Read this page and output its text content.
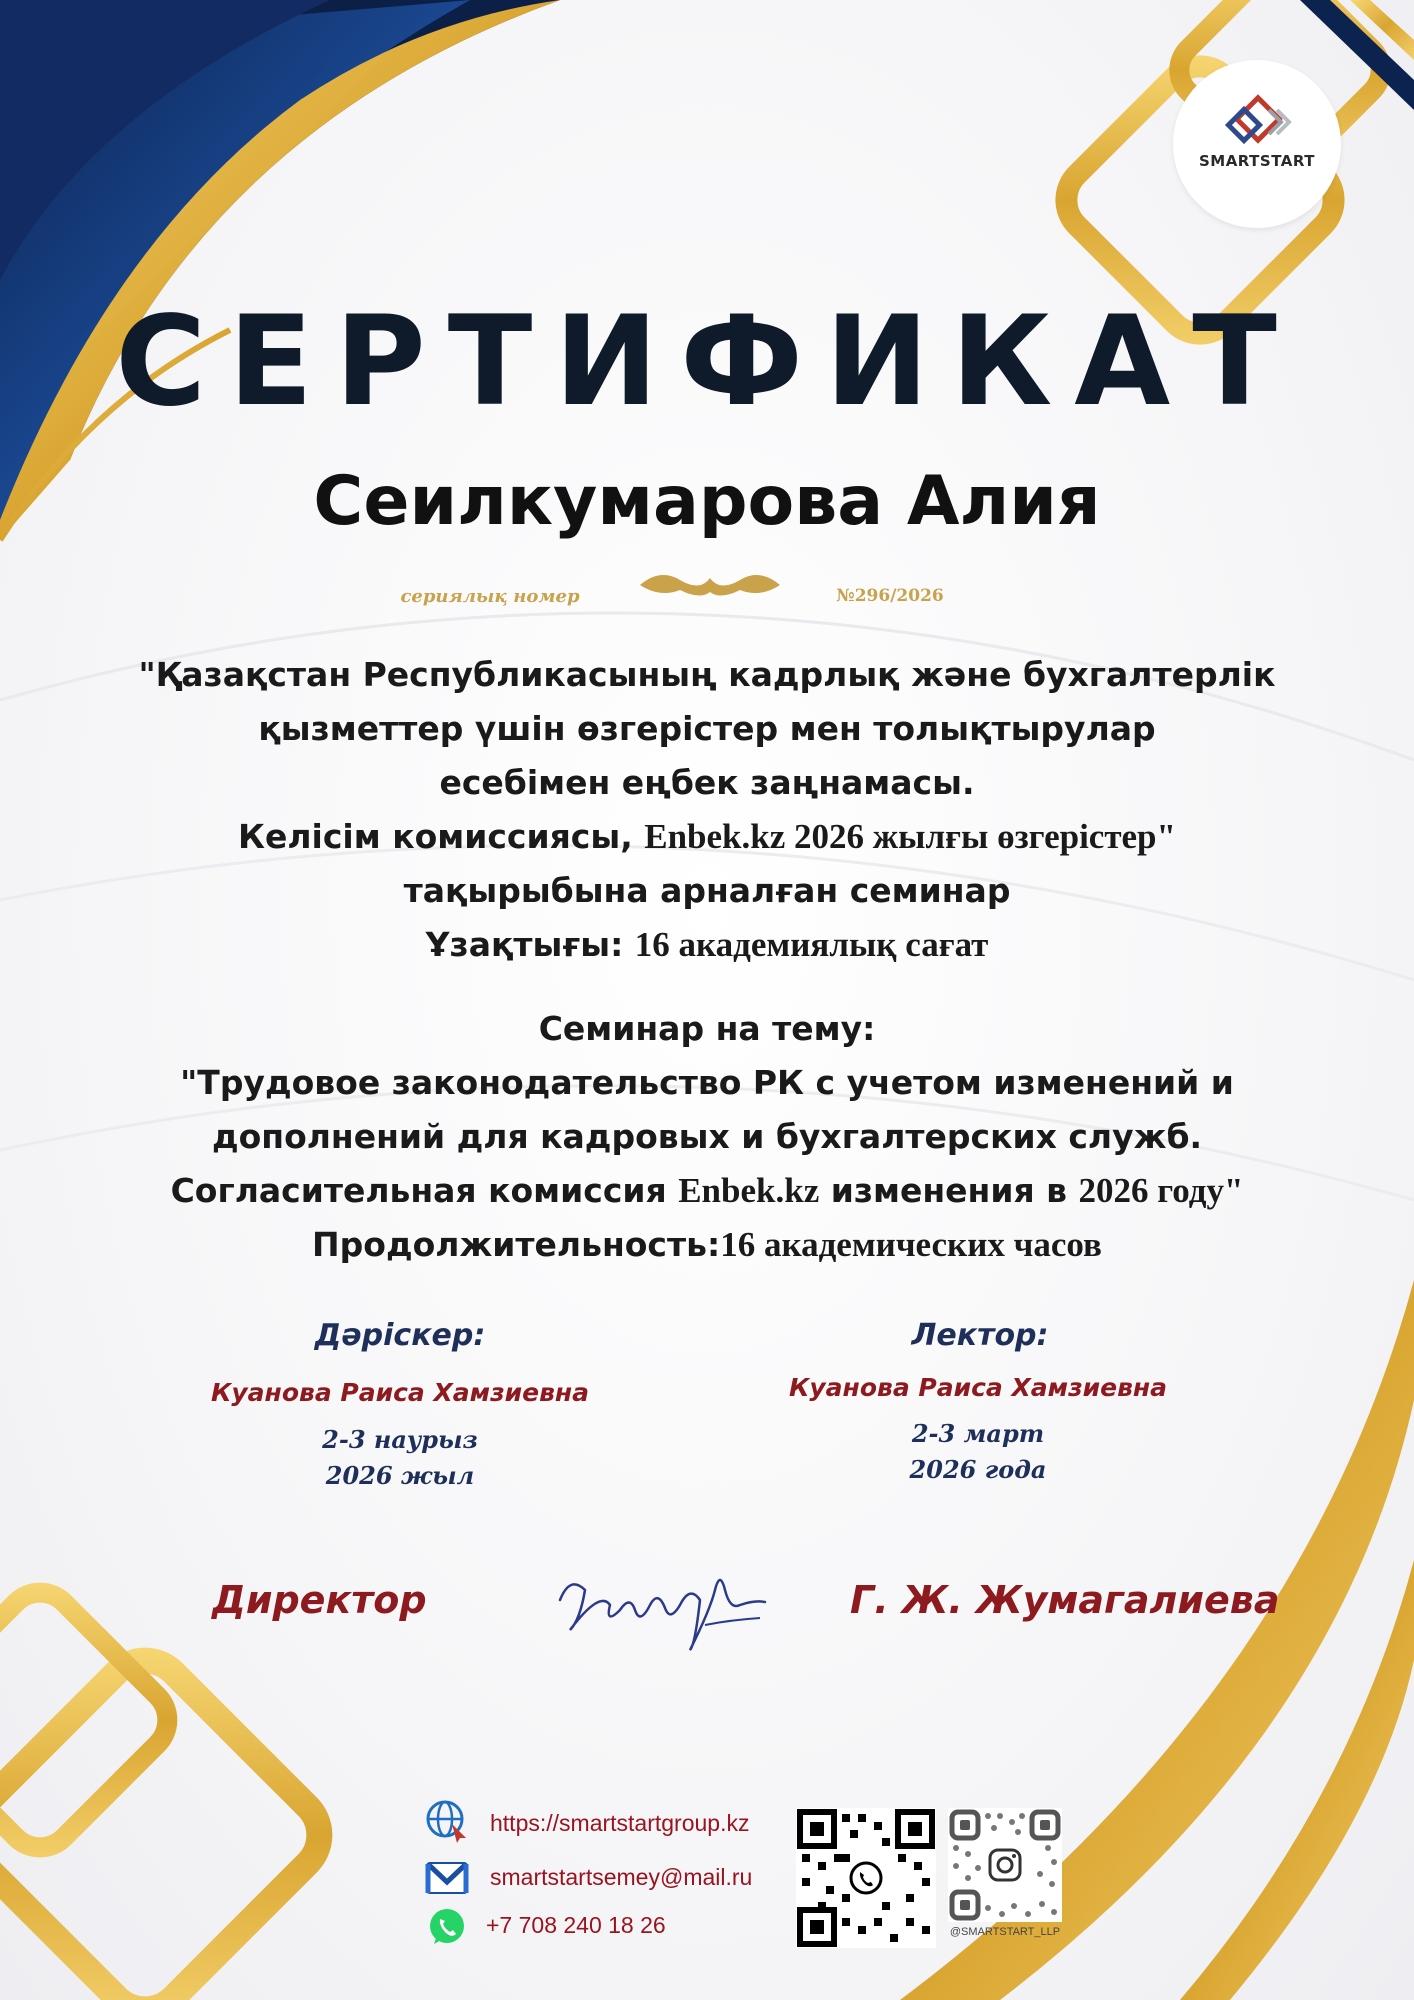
SMARTSTART
СЕРТИФИКАТ
Сеилкумарова Алия
сериялық номер	№296/2026
"Қазақстан Республикасының кадрлық және бухгалтерлік
қызметтер үшін өзгерістер мен толықтырулар
есебімен еңбек заңнамасы.
Келісім комиссиясы, Enbek.kz 2026 жылғы өзгерістер"
тақырыбына арналған семинар
Ұзақтығы: 16 академиялық сағат
Семинар на тему:
"Трудовое законодательство РК с учетом изменений и
дополнений для кадровых и бухгалтерских служб.
Согласительная комиссия Enbek.kz изменения в 2026 году"
Продолжительность:16 академических часов
Дәріскер:
Куанова Раиса Хамзиевна
2-3 наурыз
2026 жыл
Лектор:
Куанова Раиса Хамзиевна
2-3 март
2026 года
Директор	Г. Ж. Жумагалиева
https://smartstartgroup.kz
smartstartsemey@mail.ru
+7 708 240 18 26	@SMARTSTART_LLP
